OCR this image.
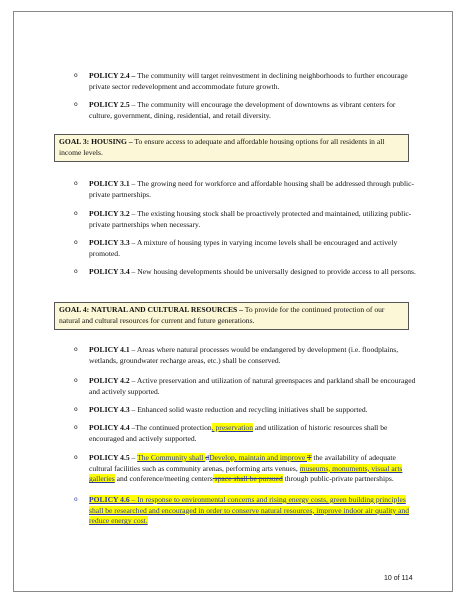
o POLICY 2.4 – The community will target reinvestment in declining neighborhoods to further encourage private sector redevelopment and accommodate future growth.
o POLICY 2.5 – The community will encourage the development of downtowns as vibrant centers for culture, government, dining, residential, and retail diversity.
GOAL 3: HOUSING – To ensure access to adequate and affordable housing options for all residents in all income levels.
o POLICY 3.1 – The growing need for workforce and affordable housing shall be addressed through public-private partnerships.
o POLICY 3.2 – The existing housing stock shall be proactively protected and maintained, utilizing public-private partnerships when necessary.
o POLICY 3.3 – A mixture of housing types in varying income levels shall be encouraged and actively promoted.
o POLICY 3.4 – New housing developments should be universally designed to provide access to all persons.
GOAL 4: NATURAL AND CULTURAL RESOURCES – To provide for the continued protection of our natural and cultural resources for current and future generations.
o POLICY 4.1 – Areas where natural processes would be endangered by development (i.e. floodplains, wetlands, groundwater recharge areas, etc.) shall be conserved.
o POLICY 4.2 – Active preservation and utilization of natural greenspaces and parkland shall be encouraged and actively supported.
o POLICY 4.3 – Enhanced solid waste reduction and recycling initiatives shall be supported.
o POLICY 4.4 –The continued protection, preservation and utilization of historic resources shall be encouraged and actively supported.
o POLICY 4.5 – The Community shall dDevelop, maintain and improve T the availability of adequate cultural facilities such as community arenas, performing arts venues, museums, monuments, visual arts galleries and conference/meeting centers space shall be pursued through public-private partnerships.
o POLICY 4.6 – In response to environmental concerns and rising energy costs, green building principles shall be researched and encouraged in order to conserve natural resources, improve indoor air quality and reduce energy cost.
10 of 114
